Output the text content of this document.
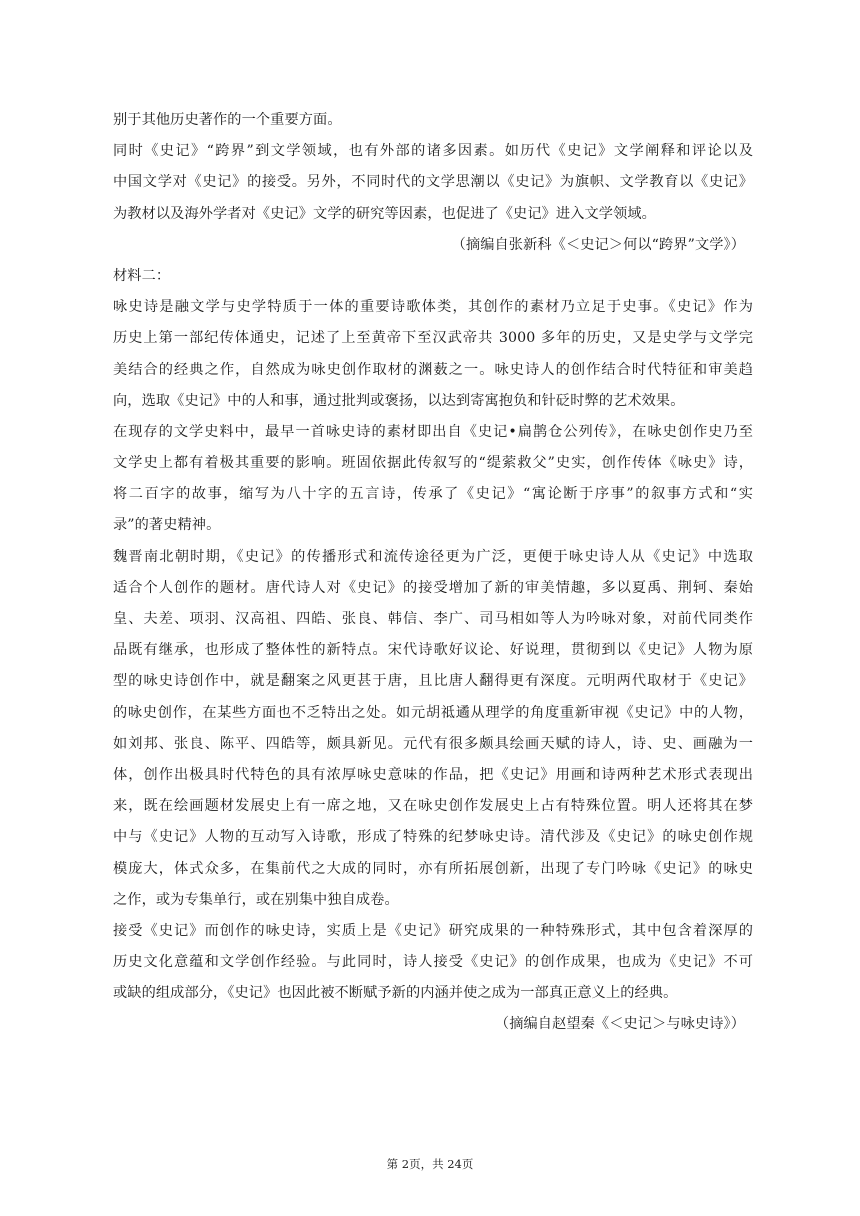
别于其他历史著作的一个重要方面。
同时《史记》“跨界”到文学领域，也有外部的诸多因素。如历代《史记》文学阐释和评论以及
中国文学对《史记》的接受。另外，不同时代的文学思潮以《史记》为旗帜、文学教育以《史记》
为教材以及海外学者对《史记》文学的研究等因素，也促进了《史记》进入文学领域。
（摘编自张新科《＜史记＞何以“跨界”文学》）
材料二：
咏史诗是融文学与史学特质于一体的重要诗歌体类，其创作的素材乃立足于史事。《史记》作为
历史上第一部纪传体通史，记述了上至黄帝下至汉武帝共 3000 多年的历史，又是史学与文学完
美结合的经典之作，自然成为咏史创作取材的渊薮之一。咏史诗人的创作结合时代特征和审美趋
向，选取《史记》中的人和事，通过批判或褒扬，以达到寄寓抱负和针砭时弊的艺术效果。
在现存的文学史料中，最早一首咏史诗的素材即出自《史记•扁鹊仓公列传》，在咏史创作史乃至
文学史上都有着极其重要的影响。班固依据此传叙写的“缇萦救父”史实，创作传体《咏史》诗，
将二百字的故事，缩写为八十字的五言诗，传承了《史记》“寓论断于序事”的叙事方式和“实
录”的著史精神。
魏晋南北朝时期，《史记》的传播形式和流传途径更为广泛，更便于咏史诗人从《史记》中选取
适合个人创作的题材。唐代诗人对《史记》的接受增加了新的审美情趣，多以夏禹、荆轲、秦始
皇、夫差、项羽、汉高祖、四皓、张良、韩信、李广、司马相如等人为吟咏对象，对前代同类作
品既有继承，也形成了整体性的新特点。宋代诗歌好议论、好说理，贯彻到以《史记》人物为原
型的咏史诗创作中，就是翻案之风更甚于唐，且比唐人翻得更有深度。元明两代取材于《史记》
的咏史创作，在某些方面也不乏特出之处。如元胡祗遹从理学的角度重新审视《史记》中的人物，
如刘邦、张良、陈平、四皓等，颇具新见。元代有很多颇具绘画天赋的诗人，诗、史、画融为一
体，创作出极具时代特色的具有浓厚咏史意味的作品，把《史记》用画和诗两种艺术形式表现出
来，既在绘画题材发展史上有一席之地，又在咏史创作发展史上占有特殊位置。明人还将其在梦
中与《史记》人物的互动写入诗歌，形成了特殊的纪梦咏史诗。清代涉及《史记》的咏史创作规
模庞大，体式众多，在集前代之大成的同时，亦有所拓展创新，出现了专门吟咏《史记》的咏史
之作，或为专集单行，或在别集中独自成卷。
接受《史记》而创作的咏史诗，实质上是《史记》研究成果的一种特殊形式，其中包含着深厚的
历史文化意蕴和文学创作经验。与此同时，诗人接受《史记》的创作成果，也成为《史记》不可
或缺的组成部分，《史记》也因此被不断赋予新的内涵并使之成为一部真正意义上的经典。
（摘编自赵望秦《＜史记＞与咏史诗》）
第 2页，共 24页
